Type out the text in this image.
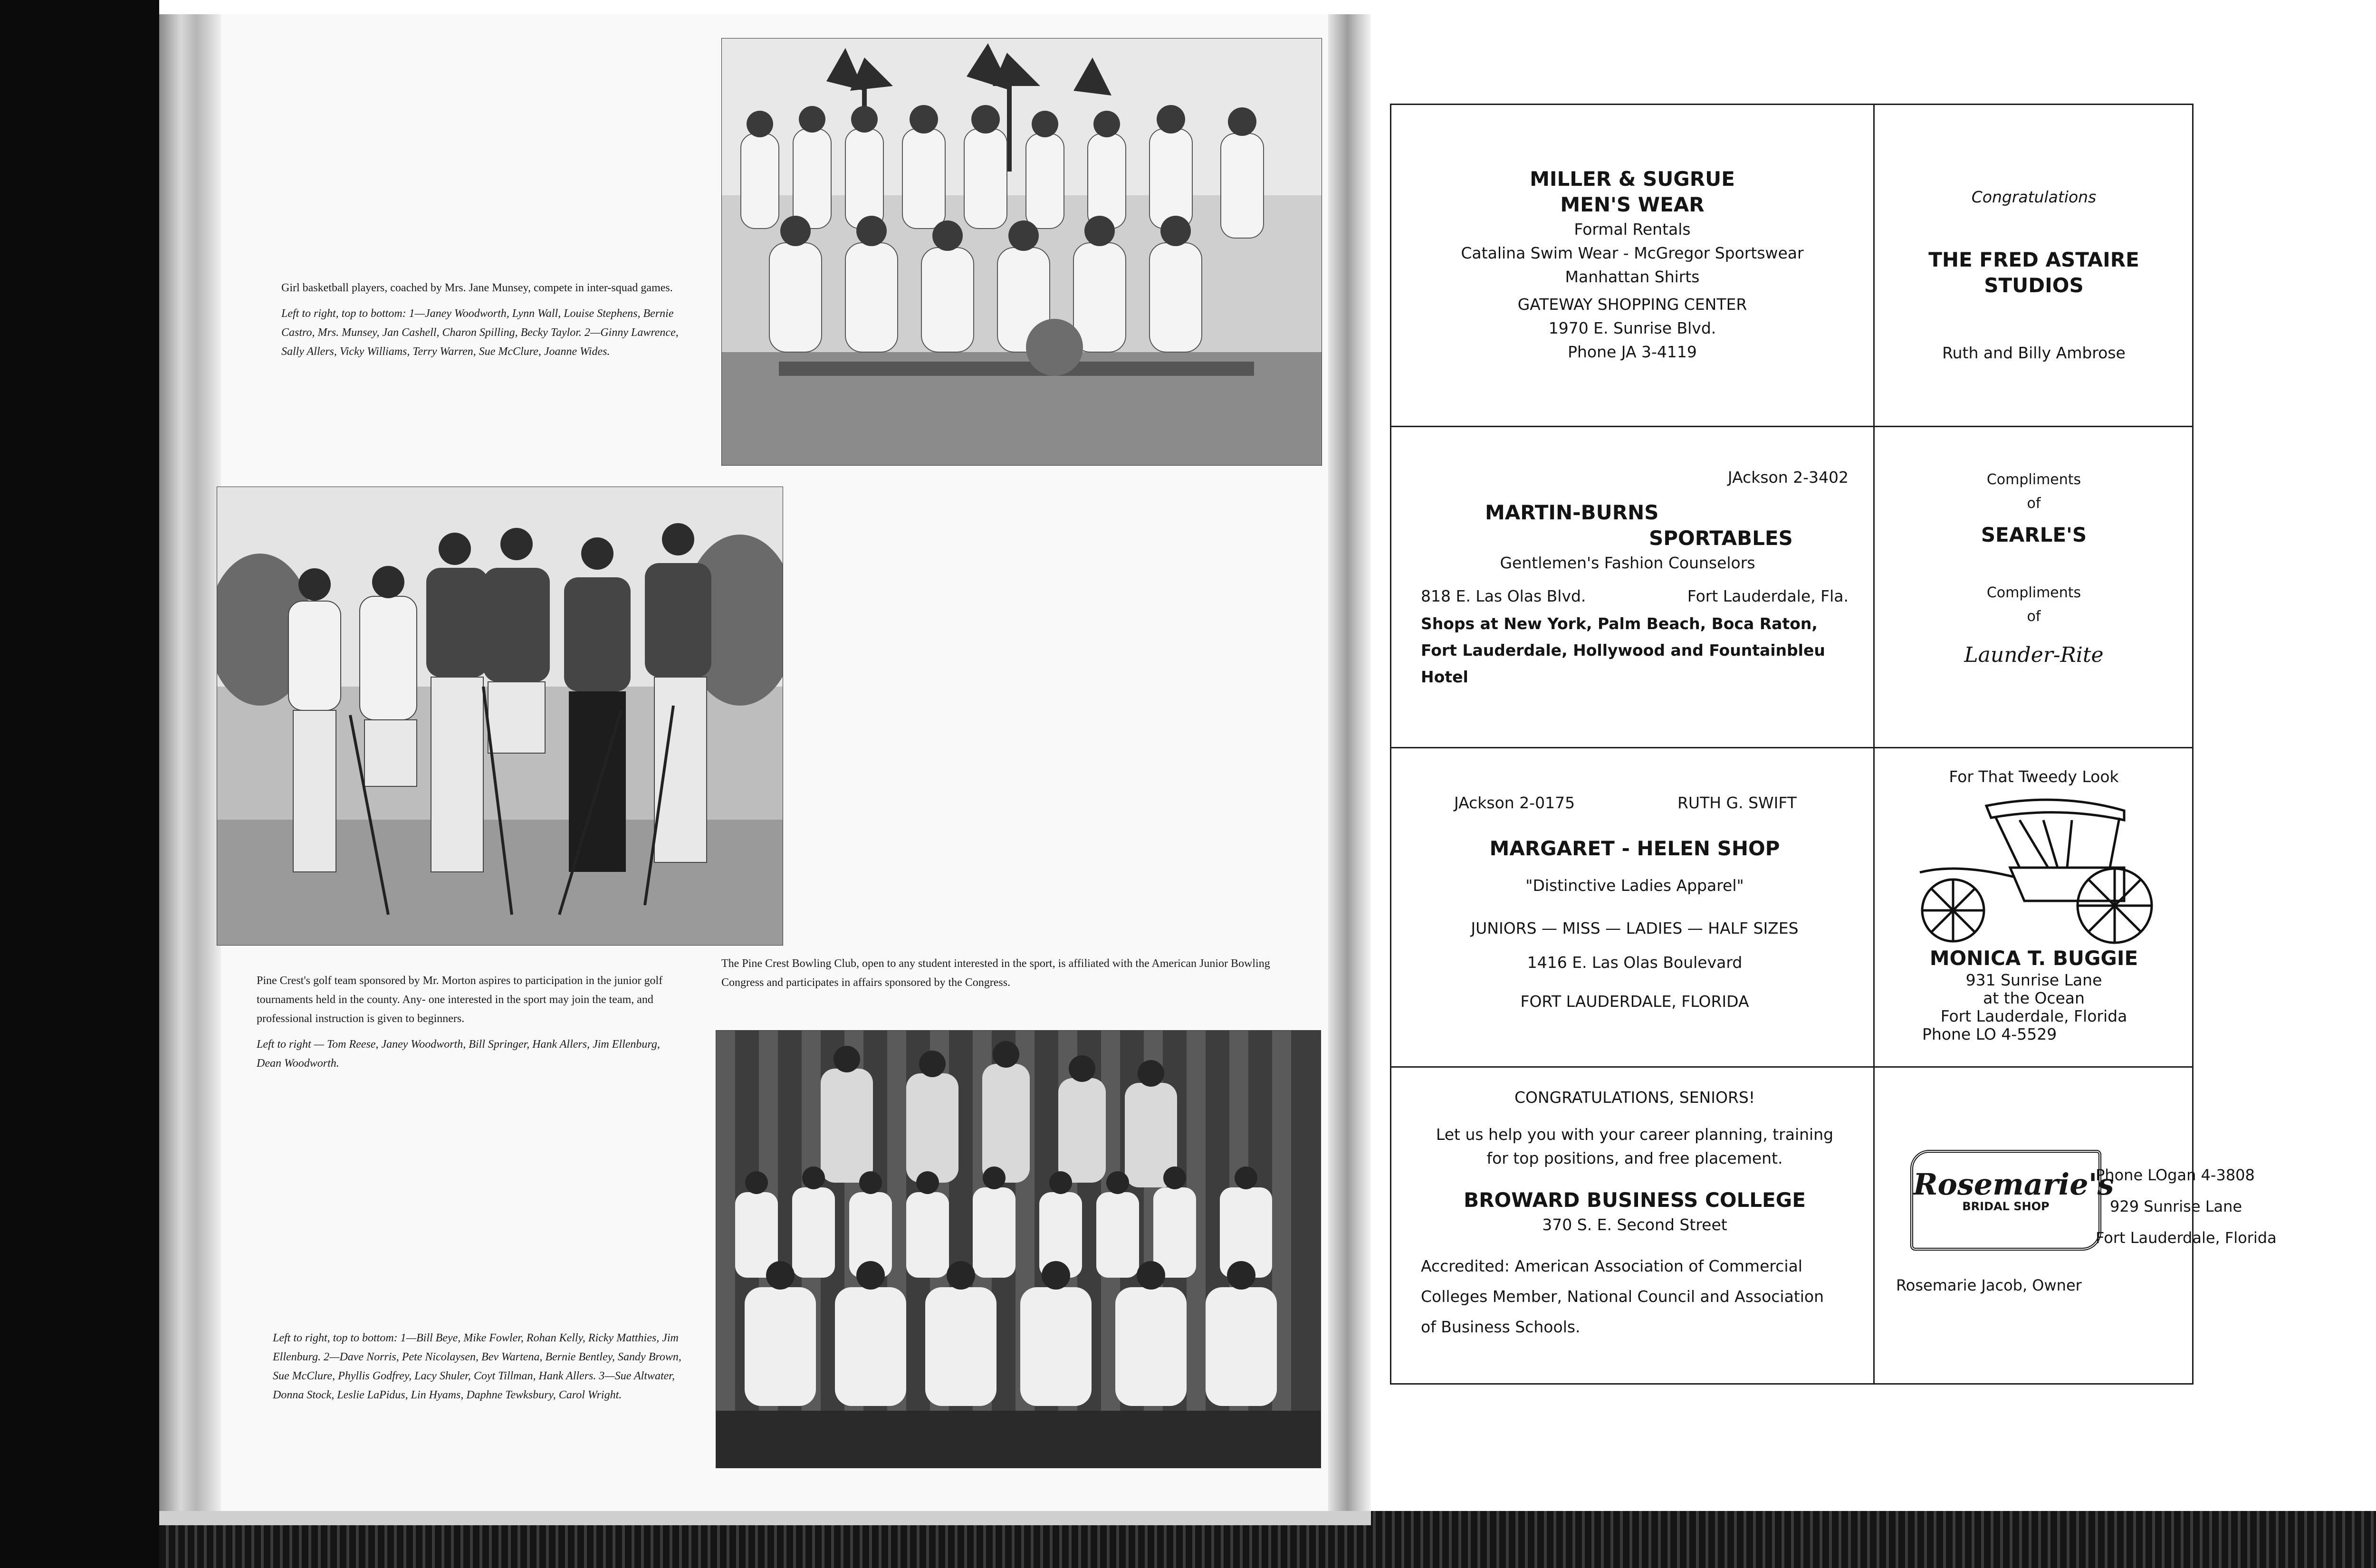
Girl basketball players, coached by Mrs. Jane Munsey, compete in inter-squad games.

Left to right, top to bottom: 1—Janey Woodworth, Lynn Wall, Louise Stephens, Bernie Castro, Mrs. Munsey, Jan Cashell, Charon Spilling, Becky Taylor. 2—Ginny Lawrence, Sally Allers, Vicky Williams, Terry Warren, Sue McClure, Joanne Wides.

Pine Crest's golf team sponsored by Mr. Morton aspires to participation in the junior golf tournaments held in the county. Any- one interested in the sport may join the team, and professional instruction is given to beginners.

Left to right — Tom Reese, Janey Woodworth, Bill Springer, Hank Allers, Jim Ellenburg, Dean Woodworth.

The Pine Crest Bowling Club, open to any student interested in the sport, is affiliated with the American Junior Bowling Congress and participates in affairs sponsored by the Congress.

Left to right, top to bottom: 1—Bill Beye, Mike Fowler, Rohan Kelly, Ricky Matthies, Jim Ellenburg. 2—Dave Norris, Pete Nicolaysen, Bev Wartena, Bernie Bentley, Sandy Brown, Sue McClure, Phyllis Godfrey, Lacy Shuler, Coyt Tillman, Hank Allers. 3—Sue Altwater, Donna Stock, Leslie LaPidus, Lin Hyams, Daphne Tewksbury, Carol Wright.

MILLER & SUGRUE
MEN'S WEAR
Formal Rentals
Catalina Swim Wear - McGregor Sportswear
Manhattan Shirts
GATEWAY SHOPPING CENTER
1970 E. Sunrise Blvd.
Phone JA 3-4119
Congratulations
THE FRED ASTAIRE STUDIOS
Ruth and Billy Ambrose
JAckson 2-3402
MARTIN-BURNS
SPORTABLES
Gentlemen's Fashion Counselors
818 E. Las Olas Blvd.	Fort Lauderdale, Fla.
Shops at New York, Palm Beach, Boca Raton,
Fort Lauderdale, Hollywood and Fountainbleu
Hotel
Compliments
of
SEARLE'S
Compliments
of
Launder-Rite
JAckson 2-0175	RUTH G. SWIFT
MARGARET - HELEN SHOP
"Distinctive Ladies Apparel"
JUNIORS — MISS — LADIES — HALF SIZES
1416 E. Las Olas Boulevard
FORT LAUDERDALE, FLORIDA
For That Tweedy Look
MONICA T. BUGGIE
931 Sunrise Lane
at the Ocean
Fort Lauderdale, Florida
Phone LO 4-5529
CONGRATULATIONS, SENIORS!
Let us help you with your career planning, training
for top positions, and free placement.
BROWARD BUSINESS COLLEGE
370 S. E. Second Street
Accredited: American Association of Commercial
Colleges Member, National Council and Association
of Business Schools.
Rosemarie's
BRIDAL SHOP
Phone LOgan 4-3808
929 Sunrise Lane
Fort Lauderdale, Florida
Rosemarie Jacob, Owner
